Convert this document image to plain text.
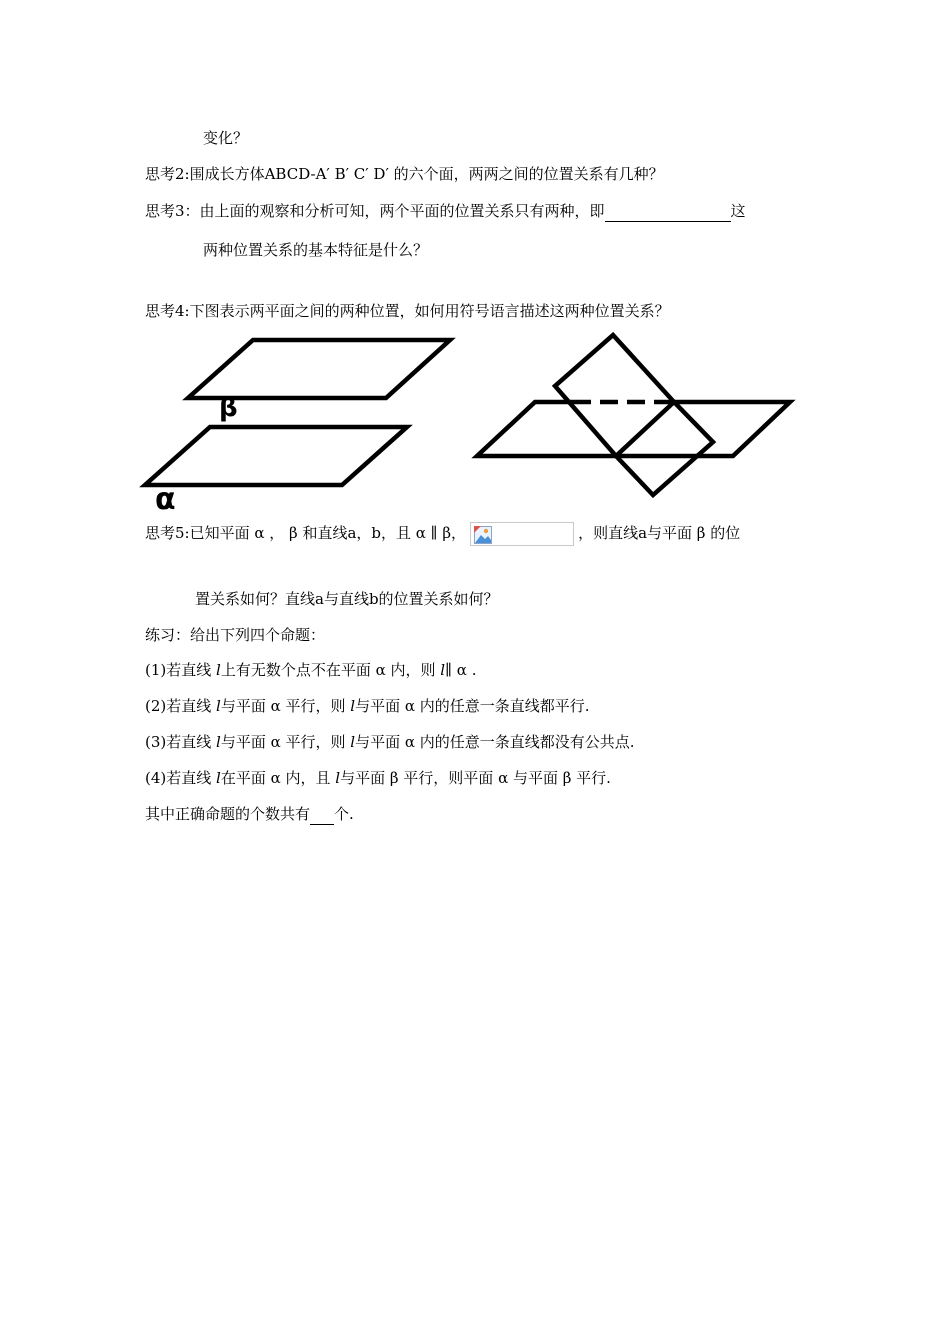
变化？
思考2:围成长方体ABCD-A′ B′ C′ D′ 的六个面，两两之间的位置关系有几种？
思考3：由上面的观察和分析可知，两个平面的位置关系只有两种，即	这
两种位置关系的基本特征是什么？
思考4:下图表示两平面之间的两种位置，如何用符号语言描述这两种位置关系？
β
α
思考5:已知平面 α ， β 和直线a，b，且 α ∥ β，	，则直线a与平面 β 的位
置关系如何？直线a与直线b的位置关系如何？
练习：给出下列四个命题：
(1)若直线 l上有无数个点不在平面 α 内，则 l∥ α .
(2)若直线 l与平面 α 平行，则 l与平面 α 内的任意一条直线都平行.
(3)若直线 l与平面 α 平行，则 l与平面 α 内的任意一条直线都没有公共点.
(4)若直线 l在平面 α 内，且 l与平面 β 平行，则平面 α 与平面 β 平行.
其中正确命题的个数共有 个.
